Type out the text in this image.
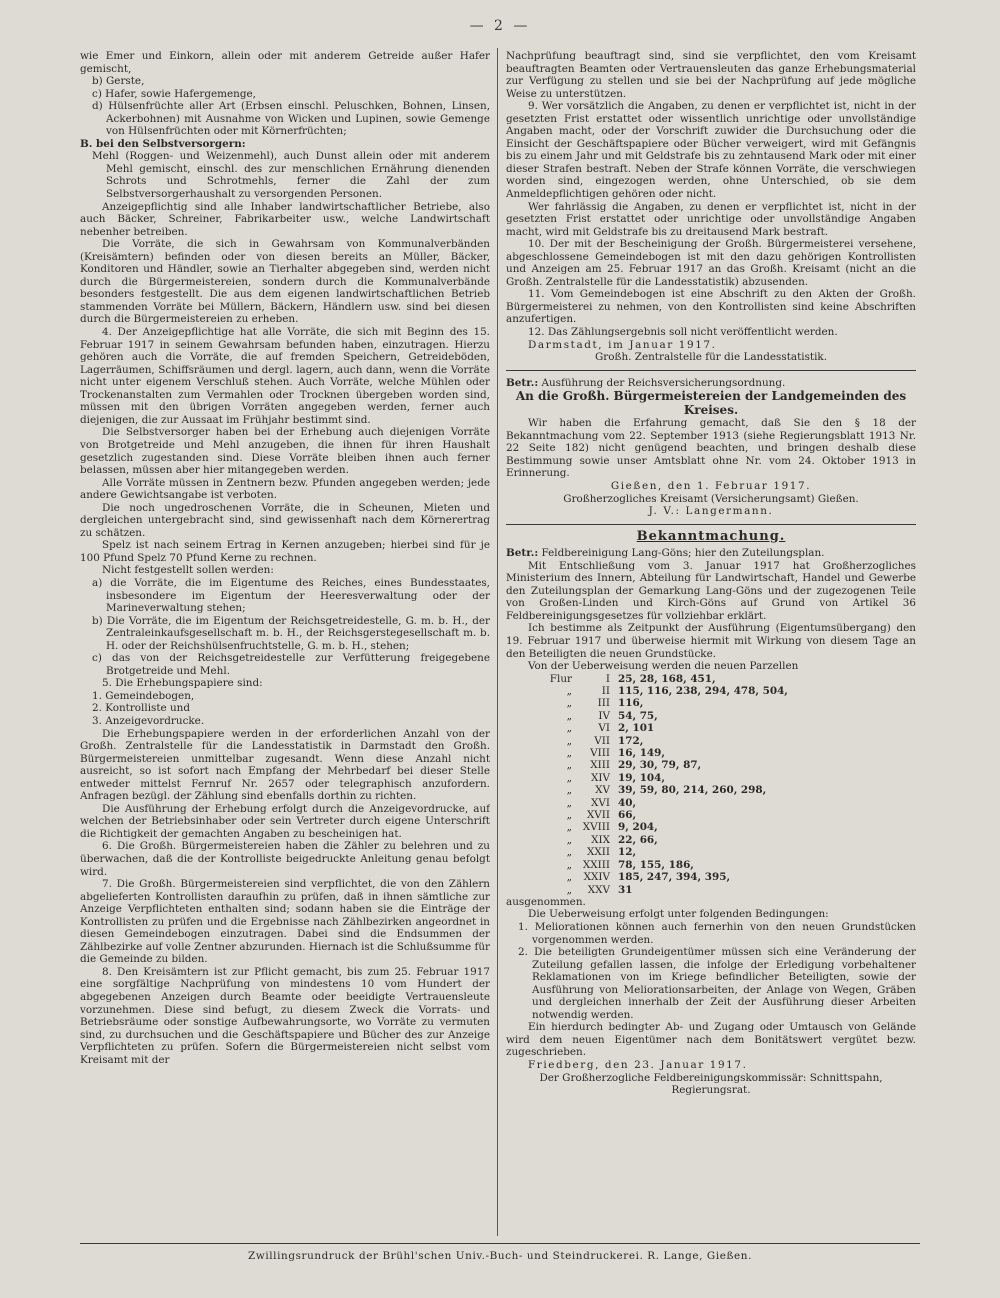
— 2 —

wie Emer und Einkorn, allein oder mit anderem Getreide außer Hafer gemischt,

b) Gerste,

c) Hafer, sowie Hafergemenge,

d) Hülsenfrüchte aller Art (Erbsen einschl. Peluschken, Bohnen, Linsen, Ackerbohnen) mit Ausnahme von Wicken und Lupinen, sowie Gemenge von Hülsenfrüchten oder mit Körnerfrüchten;

B. bei den Selbstversorgern:

Mehl (Roggen- und Weizenmehl), auch Dunst allein oder mit anderem Mehl gemischt, einschl. des zur menschlichen Ernährung dienenden Schrots und Schrotmehls, ferner die Zahl der zum Selbstversorgerhaushalt zu versorgenden Personen.

Anzeigepflichtig sind alle Inhaber landwirtschaftlicher Betriebe, also auch Bäcker, Schreiner, Fabrikarbeiter usw., welche Landwirtschaft nebenher betreiben.

Die Vorräte, die sich in Gewahrsam von Kommunalverbänden (Kreisämtern) befinden oder von diesen bereits an Müller, Bäcker, Konditoren und Händler, sowie an Tierhalter abgegeben sind, werden nicht durch die Bürgermeistereien, sondern durch die Kommunalverbände besonders festgestellt. Die aus dem eigenen landwirtschaftlichen Betrieb stammenden Vorräte bei Müllern, Bäckern, Händlern usw. sind bei diesen durch die Bürgermeistereien zu erheben.

4. Der Anzeigepflichtige hat alle Vorräte, die sich mit Beginn des 15. Februar 1917 in seinem Gewahrsam befunden haben, einzutragen. Hierzu gehören auch die Vorräte, die auf fremden Speichern, Getreideböden, Lagerräumen, Schiffsräumen und dergl. lagern, auch dann, wenn die Vorräte nicht unter eigenem Verschluß stehen. Auch Vorräte, welche Mühlen oder Trockenanstalten zum Vermahlen oder Trocknen übergeben worden sind, müssen mit den übrigen Vorräten angegeben werden, ferner auch diejenigen, die zur Aussaat im Frühjahr bestimmt sind.

Die Selbstversorger haben bei der Erhebung auch diejenigen Vorräte von Brotgetreide und Mehl anzugeben, die ihnen für ihren Haushalt gesetzlich zugestanden sind. Diese Vorräte bleiben ihnen auch ferner belassen, müssen aber hier mitangegeben werden.

Alle Vorräte müssen in Zentnern bezw. Pfunden angegeben werden; jede andere Gewichtsangabe ist verboten.

Die noch ungedroschenen Vorräte, die in Scheunen, Mieten und dergleichen untergebracht sind, sind gewissenhaft nach dem Körnerertrag zu schätzen.

Spelz ist nach seinem Ertrag in Kernen anzugeben; hierbei sind für je 100 Pfund Spelz 70 Pfund Kerne zu rechnen.

Nicht festgestellt sollen werden:

a) die Vorräte, die im Eigentume des Reiches, eines Bundesstaates, insbesondere im Eigentum der Heeresverwaltung oder der Marineverwaltung stehen;

b) Die Vorräte, die im Eigentum der Reichsgetreidestelle, G. m. b. H., der Zentraleinkaufsgesellschaft m. b. H., der Reichsgerstegesellschaft m. b. H. oder der Reichshülsenfruchtstelle, G. m. b. H., stehen;

c) das von der Reichsgetreidestelle zur Verfütterung freigegebene Brotgetreide und Mehl.

5. Die Erhebungspapiere sind:

1. Gemeindebogen,

2. Kontrolliste und

3. Anzeigevordrucke.

Die Erhebungspapiere werden in der erforderlichen Anzahl von der Großh. Zentralstelle für die Landesstatistik in Darmstadt den Großh. Bürgermeistereien unmittelbar zugesandt. Wenn diese Anzahl nicht ausreicht, so ist sofort nach Empfang der Mehrbedarf bei dieser Stelle entweder mittelst Fernruf Nr. 2657 oder telegraphisch anzufordern. Anfragen bezügl. der Zählung sind ebenfalls dorthin zu richten.

Die Ausführung der Erhebung erfolgt durch die Anzeigevordrucke, auf welchen der Betriebsinhaber oder sein Vertreter durch eigene Unterschrift die Richtigkeit der gemachten Angaben zu bescheinigen hat.

6. Die Großh. Bürgermeistereien haben die Zähler zu belehren und zu überwachen, daß die der Kontrolliste beigedruckte Anleitung genau befolgt wird.

7. Die Großh. Bürgermeistereien sind verpflichtet, die von den Zählern abgelieferten Kontrollisten daraufhin zu prüfen, daß in ihnen sämtliche zur Anzeige Verpflichteten enthalten sind; sodann haben sie die Einträge der Kontrollisten zu prüfen und die Ergebnisse nach Zählbezirken angeordnet in diesen Gemeindebogen einzutragen. Dabei sind die Endsummen der Zählbezirke auf volle Zentner abzurunden. Hiernach ist die Schlußsumme für die Gemeinde zu bilden.

8. Den Kreisämtern ist zur Pflicht gemacht, bis zum 25. Februar 1917 eine sorgfältige Nachprüfung von mindestens 10 vom Hundert der abgegebenen Anzeigen durch Beamte oder beeidigte Vertrauensleute vorzunehmen. Diese sind befugt, zu diesem Zweck die Vorrats- und Betriebsräume oder sonstige Aufbewahrungsorte, wo Vorräte zu vermuten sind, zu durchsuchen und die Geschäftspapiere und Bücher des zur Anzeige Verpflichteten zu prüfen. Sofern die Bürgermeistereien nicht selbst vom Kreisamt mit der

Nachprüfung beauftragt sind, sind sie verpflichtet, den vom Kreisamt beauftragten Beamten oder Vertrauensleuten das ganze Erhebungsmaterial zur Verfügung zu stellen und sie bei der Nachprüfung auf jede mögliche Weise zu unterstützen.

9. Wer vorsätzlich die Angaben, zu denen er verpflichtet ist, nicht in der gesetzten Frist erstattet oder wissentlich unrichtige oder unvollständige Angaben macht, oder der Vorschrift zuwider die Durchsuchung oder die Einsicht der Geschäftspapiere oder Bücher verweigert, wird mit Gefängnis bis zu einem Jahr und mit Geldstrafe bis zu zehntausend Mark oder mit einer dieser Strafen bestraft. Neben der Strafe können Vorräte, die verschwiegen worden sind, eingezogen werden, ohne Unterschied, ob sie dem Anmeldepflichtigen gehören oder nicht.

Wer fahrlässig die Angaben, zu denen er verpflichtet ist, nicht in der gesetzten Frist erstattet oder unrichtige oder unvollständige Angaben macht, wird mit Geldstrafe bis zu dreitausend Mark bestraft.

10. Der mit der Bescheinigung der Großh. Bürgermeisterei versehene, abgeschlossene Gemeindebogen ist mit den dazu gehörigen Kontrollisten und Anzeigen am 25. Februar 1917 an das Großh. Kreisamt (nicht an die Großh. Zentralstelle für die Landesstatistik) abzusenden.

11. Vom Gemeindebogen ist eine Abschrift zu den Akten der Großh. Bürgermeisterei zu nehmen, von den Kontrollisten sind keine Abschriften anzufertigen.

12. Das Zählungsergebnis soll nicht veröffentlicht werden.

Darmstadt, im Januar 1917.

Großh. Zentralstelle für die Landesstatistik.

Betr.: Ausführung der Reichsversicherungsordnung.

An die Großh. Bürgermeistereien der Landgemeinden des Kreises.

Wir haben die Erfahrung gemacht, daß Sie den § 18 der Bekanntmachung vom 22. September 1913 (siehe Regierungsblatt 1913 Nr. 22 Seite 182) nicht genügend beachten, und bringen deshalb diese Bestimmung sowie unser Amtsblatt ohne Nr. vom 24. Oktober 1913 in Erinnerung.

Gießen, den 1. Februar 1917.

Großherzogliches Kreisamt (Versicherungsamt) Gießen.

J. V.: Langermann.

Bekanntmachung.

Betr.: Feldbereinigung Lang-Göns; hier den Zuteilungsplan.

Mit Entschließung vom 3. Januar 1917 hat Großherzogliches Ministerium des Innern, Abteilung für Landwirtschaft, Handel und Gewerbe den Zuteilungsplan der Gemarkung Lang-Göns und der zugezogenen Teile von Großen-Linden und Kirch-Göns auf Grund von Artikel 36 Feldbereinigungsgesetzes für vollziehbar erklärt.

Ich bestimme als Zeitpunkt der Ausführung (Eigentumsübergang) den 19. Februar 1917 und überweise hiermit mit Wirkung von diesem Tage an den Beteiligten die neuen Grundstücke.

Von der Ueberweisung werden die neuen Parzellen

Flur	I 25, 28, 168, 451,
„	II 115, 116, 238, 294, 478, 504,
„	III 116,
„	IV 54, 75,
„	VI 2, 101
„	VII 172,
„	VIII 16, 149,
„	XIII 29, 30, 79, 87,
„	XIV 19, 104,
„	XV 39, 59, 80, 214, 260, 298,
„	XVI 40,
„	XVII 66,
„	XVIII 9, 204,
„	XIX 22, 66,
„	XXII 12,
„	XXIII 78, 155, 186,
„	XXIV 185, 247, 394, 395,
„	XXV 31

ausgenommen.

Die Ueberweisung erfolgt unter folgenden Bedingungen:

1. Meliorationen können auch fernerhin von den neuen Grundstücken vorgenommen werden.

2. Die beteiligten Grundeigentümer müssen sich eine Veränderung der Zuteilung gefallen lassen, die infolge der Erledigung vorbehaltener Reklamationen von im Kriege befindlicher Beteiligten, sowie der Ausführung von Meliorationsarbeiten, der Anlage von Wegen, Gräben und dergleichen innerhalb der Zeit der Ausführung dieser Arbeiten notwendig werden.

Ein hierdurch bedingter Ab- und Zugang oder Umtausch von Gelände wird dem neuen Eigentümer nach dem Bonitätswert vergütet bezw. zugeschrieben.

Friedberg, den 23. Januar 1917.

Der Großherzogliche Feldbereinigungskommissär: Schnittspahn, Regierungsrat.

Zwillingsrundruck der Brühl'schen Univ.-Buch- und Steindruckerei. R. Lange, Gießen.
